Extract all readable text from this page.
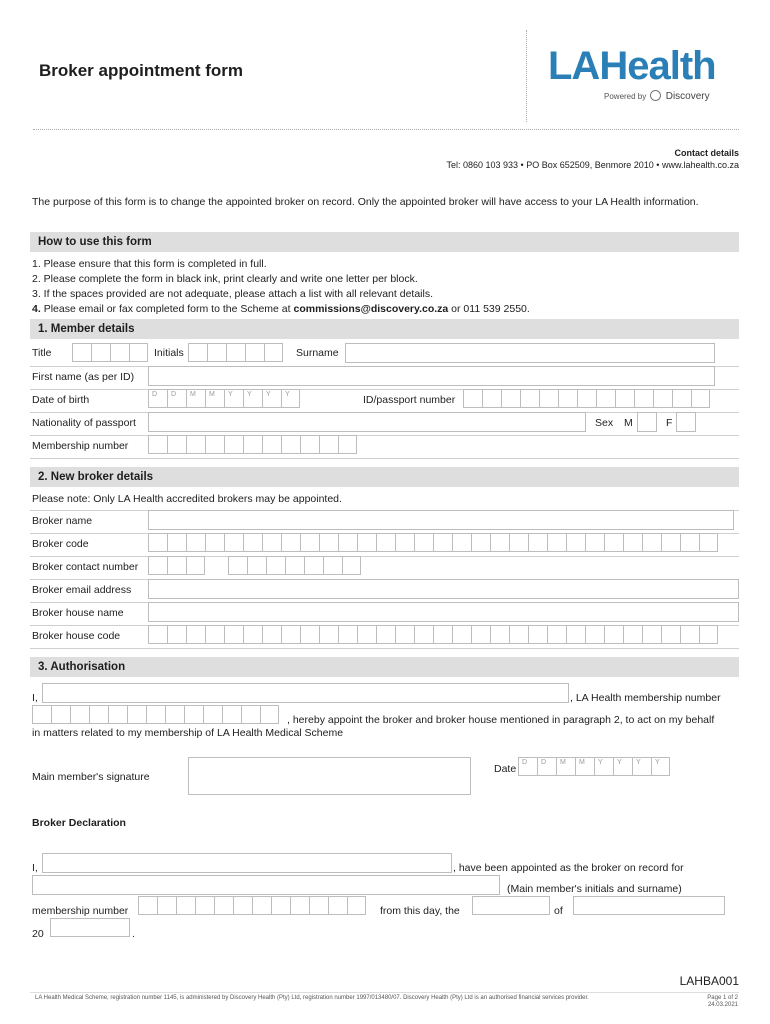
Broker appointment form	LAHealth
Powered by Discovery
Contact details
Tel: 0860 103 933 • PO Box 652509, Benmore 2010 • www.lahealth.co.za
The purpose of this form is to change the appointed broker on record. Only the appointed broker will have access to your LA Health information.
How to use this form
1. Please ensure that this form is completed in full.
2. Please complete the form in black ink, print clearly and write one letter per block.
3. If the spaces provided are not adequate, please attach a list with all relevant details.
4. Please email or fax completed form to the Scheme at commissions@discovery.co.za or 011 539 2550.
1. Member details
Title	Initials	Surname
First name (as per ID)
Date of birth	D	D	M	M	Y	Y	Y	Y	ID/passport number
Nationality of passport	Sex M	F
Membership number
2. New broker details
Please note: Only LA Health accredited brokers may be appointed.
Broker name
Broker code
Broker contact number
Broker email address
Broker house name
Broker house code
3. Authorisation
I,	, LA Health membership number
, hereby appoint the broker and broker house mentioned in paragraph 2, to act on my behalf
in matters related to my membership of LA Health Medical Scheme
Main member's signature
Date
D	D	M	M	Y	Y	Y	Y
Broker Declaration
I,	, have been appointed as the broker on record for
(Main member's initials and surname)
membership number	from this day, the	of
20	.
LAHBA001
LA Health Medical Scheme, registration number 1145, is administered by Discovery Health (Pty) Ltd, registration number 1997/013480/07. Discovery Health (Pty) Ltd is an authorised financial services provider.	Page 1 of 2
24.03.2021
